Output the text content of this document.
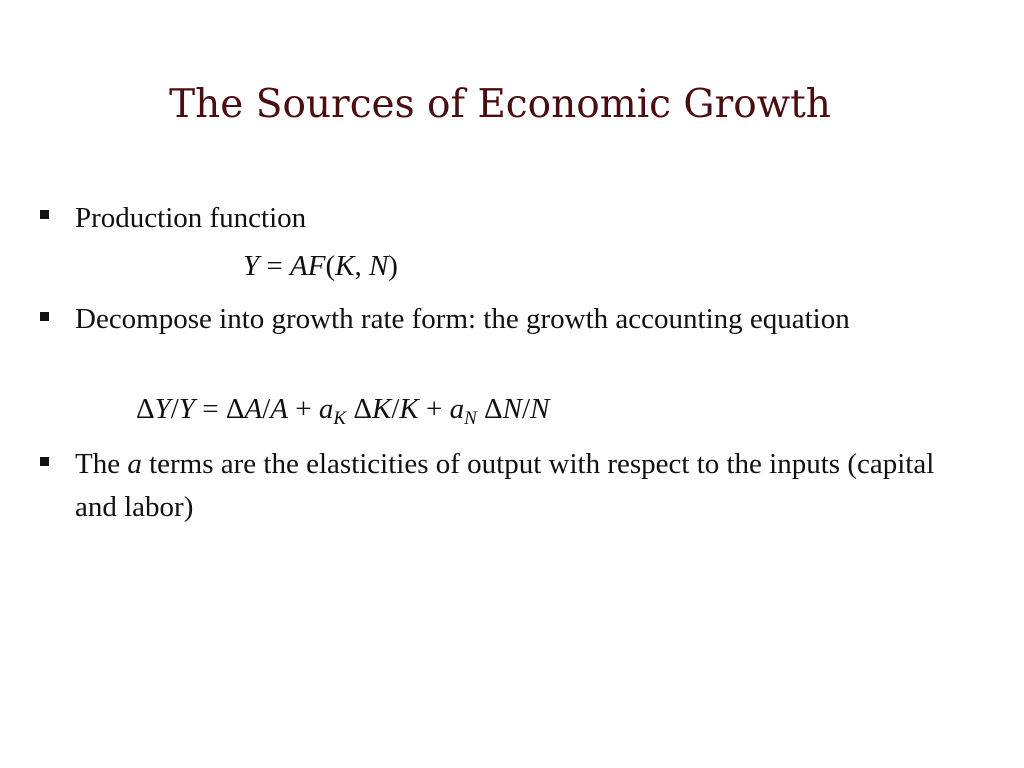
The Sources of Economic Growth
Production function
Y = AF(K, N)
Decompose into growth rate form: the growth accounting equation
$\Delta Y/Y = \Delta A/A + a_K$ $\Delta K/K + a_N$ ΔN/N
The a terms are the elasticities of output with respect to the inputs (capital and labor)
